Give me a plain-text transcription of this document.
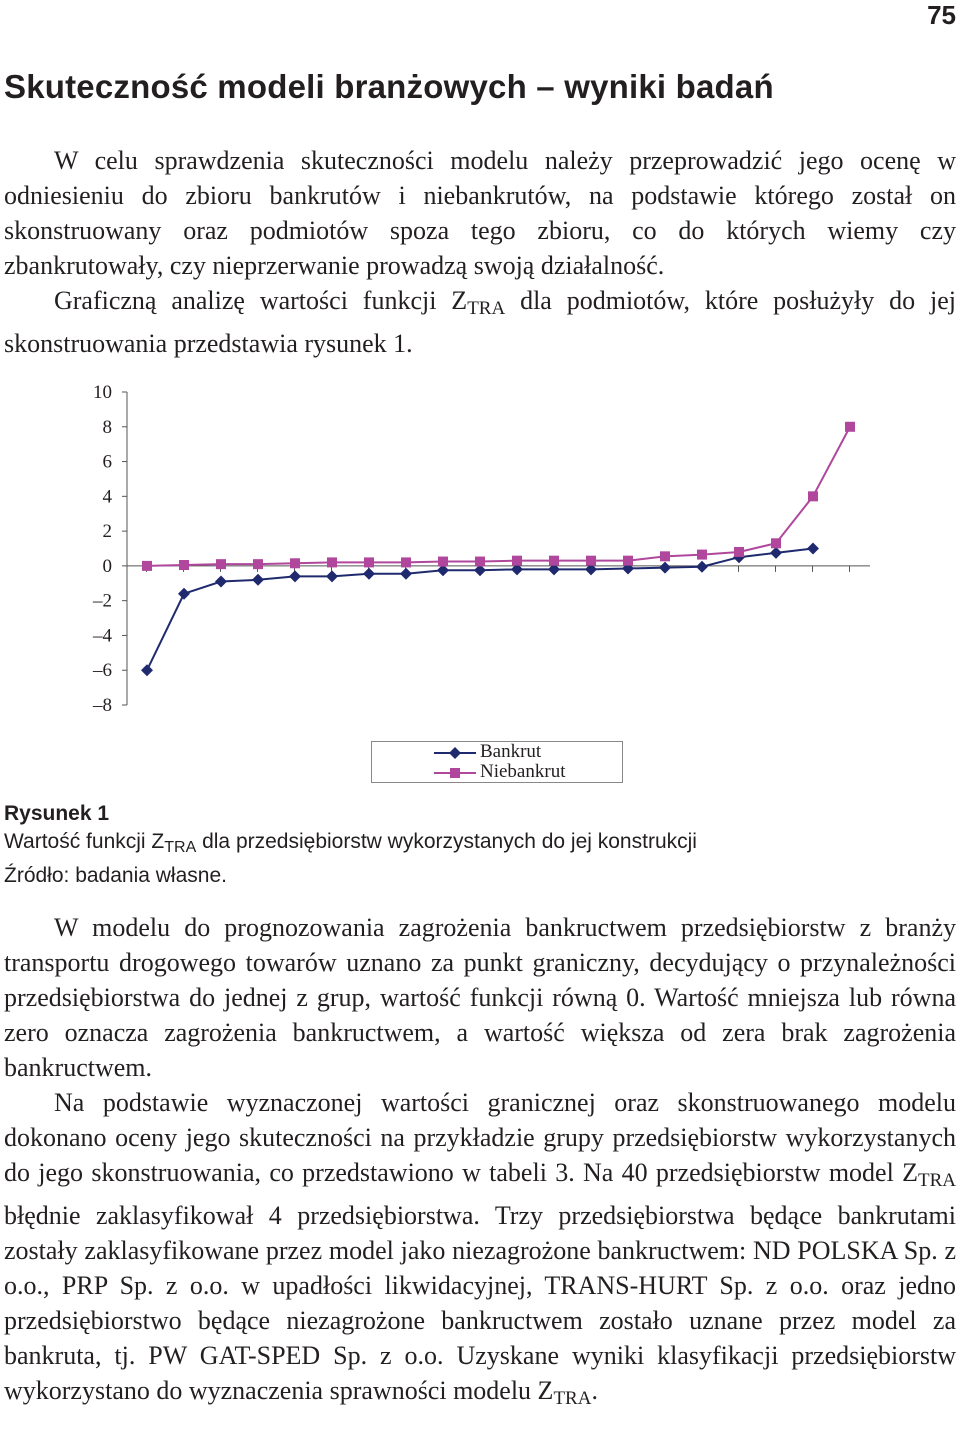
75
Skuteczność modeli branżowych – wyniki badań

W celu sprawdzenia skuteczności modelu należy przeprowadzić jego ocenę w odniesieniu do zbioru bankrutów i niebankrutów, na podstawie którego został on skonstruowany oraz podmiotów spoza tego zbioru, co do których wiemy czy zbankrutowały, czy nieprzerwanie prowadzą swoją działalność.

Graficzną analizę wartości funkcji $Z_{TRA}$ dla podmiotów, które posłużyły do jej skonstruowania przedstawia rysunek 1.

10
8
6
4
2
0
–2
–4
–6
–8
Bankrut
Niebankrut
Rysunek 1
Wartość funkcji $Z_{TRA}$ dla przedsiębiorstw wykorzystanych do jej konstrukcji
Źródło: badania własne.

W modelu do prognozowania zagrożenia bankructwem przedsiębiorstw z branży transportu drogowego towarów uznano za punkt graniczny, decydujący o przynależności przedsiębiorstwa do jednej z grup, wartość funkcji równą 0. Wartość mniejsza lub równa zero oznacza zagrożenia bankructwem, a wartość większa od zera brak zagrożenia bankructwem.

Na podstawie wyznaczonej wartości granicznej oraz skonstruowanego modelu dokonano oceny jego skuteczności na przykładzie grupy przedsiębiorstw wykorzystanych do jego skonstruowania, co przedstawiono w tabeli 3. Na 40 przedsiębiorstw model $Z_{TRA}$ błędnie zaklasyfikował 4 przedsiębiorstwa. Trzy przedsiębiorstwa będące bankrutami zostały zaklasyfikowane przez model jako niezagrożone bankructwem: ND POLSKA Sp. z o.o., PRP Sp. z o.o. w upadłości likwidacyjnej, TRANS-HURT Sp. z o.o. oraz jedno przedsiębiorstwo będące niezagrożone bankructwem zostało uznane przez model za bankruta, tj. PW GAT-SPED Sp. z o.o. Uzyskane wyniki klasyfikacji przedsiębiorstw wykorzystano do wyznaczenia sprawności modelu $Z_{TRA}$.
